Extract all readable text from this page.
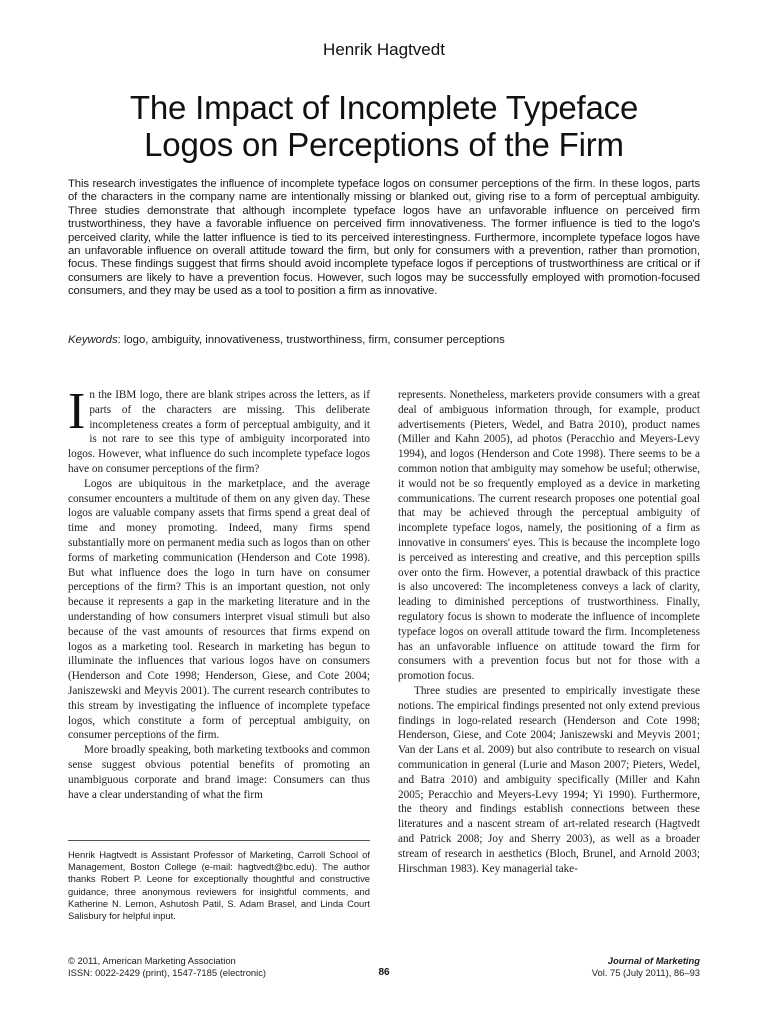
Henrik Hagtvedt
The Impact of Incomplete Typeface
Logos on Perceptions of the Firm
This research investigates the influence of incomplete typeface logos on consumer perceptions of the firm. In these logos, parts of the characters in the company name are intentionally missing or blanked out, giving rise to a form of perceptual ambiguity. Three studies demonstrate that although incomplete typeface logos have an unfavorable influence on perceived firm trustworthiness, they have a favorable influence on perceived firm innovativeness. The former influence is tied to the logo's perceived clarity, while the latter influence is tied to its perceived interestingness. Furthermore, incomplete typeface logos have an unfavorable influence on overall attitude toward the firm, but only for consumers with a prevention, rather than promotion, focus. These findings suggest that firms should avoid incomplete typeface logos if perceptions of trustworthiness are critical or if consumers are likely to have a prevention focus. However, such logos may be successfully employed with promotion-focused consumers, and they may be used as a tool to position a firm as innovative.
Keywords: logo, ambiguity, innovativeness, trustworthiness, firm, consumer perceptions

In the IBM logo, there are blank stripes across the letters, as if parts of the characters are missing. This deliberate incompleteness creates a form of perceptual ambiguity, and it is not rare to see this type of ambiguity incorporated into logos. However, what influence do such incomplete typeface logos have on consumer perceptions of the firm?

Logos are ubiquitous in the marketplace, and the average consumer encounters a multitude of them on any given day. These logos are valuable company assets that firms spend a great deal of time and money promoting. Indeed, many firms spend substantially more on permanent media such as logos than on other forms of marketing communication (Henderson and Cote 1998). But what influence does the logo in turn have on consumer perceptions of the firm? This is an important question, not only because it represents a gap in the marketing literature and in the understanding of how consumers interpret visual stimuli but also because of the vast amounts of resources that firms expend on logos as a marketing tool. Research in marketing has begun to illuminate the influences that various logos have on consumers (Henderson and Cote 1998; Henderson, Giese, and Cote 2004; Janiszewski and Meyvis 2001). The current research contributes to this stream by investigating the influence of incomplete typeface logos, which constitute a form of perceptual ambiguity, on consumer perceptions of the firm.

More broadly speaking, both marketing textbooks and common sense suggest obvious potential benefits of promoting an unambiguous corporate and brand image: Consumers can thus have a clear understanding of what the firm

represents. Nonetheless, marketers provide consumers with a great deal of ambiguous information through, for example, product advertisements (Pieters, Wedel, and Batra 2010), product names (Miller and Kahn 2005), ad photos (Peracchio and Meyers-Levy 1994), and logos (Henderson and Cote 1998). There seems to be a common notion that ambiguity may somehow be useful; otherwise, it would not be so frequently employed as a device in marketing communications. The current research proposes one potential goal that may be achieved through the perceptual ambiguity of incomplete typeface logos, namely, the positioning of a firm as innovative in consumers' eyes. This is because the incomplete logo is perceived as interesting and creative, and this perception spills over onto the firm. However, a potential drawback of this practice is also uncovered: The incompleteness conveys a lack of clarity, leading to diminished perceptions of trustworthiness. Finally, regulatory focus is shown to moderate the influence of incomplete typeface logos on overall attitude toward the firm. Incompleteness has an unfavorable influence on attitude toward the firm for consumers with a prevention focus but not for those with a promotion focus.

Three studies are presented to empirically investigate these notions. The empirical findings presented not only extend previous findings in logo-related research (Henderson and Cote 1998; Henderson, Giese, and Cote 2004; Janiszewski and Meyvis 2001; Van der Lans et al. 2009) but also contribute to research on visual communication in general (Lurie and Mason 2007; Pieters, Wedel, and Batra 2010) and ambiguity specifically (Miller and Kahn 2005; Peracchio and Meyers-Levy 1994; Yi 1990). Furthermore, the theory and findings establish connections between these literatures and a nascent stream of art-related research (Hagtvedt and Patrick 2008; Joy and Sherry 2003), as well as a broader stream of research in aesthetics (Bloch, Brunel, and Arnold 2003; Hirschman 1983). Key managerial take-

Henrik Hagtvedt is Assistant Professor of Marketing, Carroll School of Management, Boston College (e-mail: hagtvedt@bc.edu). The author thanks Robert P. Leone for exceptionally thoughtful and constructive guidance, three anonymous reviewers for insightful comments, and Katherine N. Lemon, Ashutosh Patil, S. Adam Brasel, and Linda Court Salisbury for helpful input.
© 2011, American Marketing Association
ISSN: 0022-2429 (print), 1547-7185 (electronic)	86
Journal of Marketing
Vol. 75 (July 2011), 86–93
